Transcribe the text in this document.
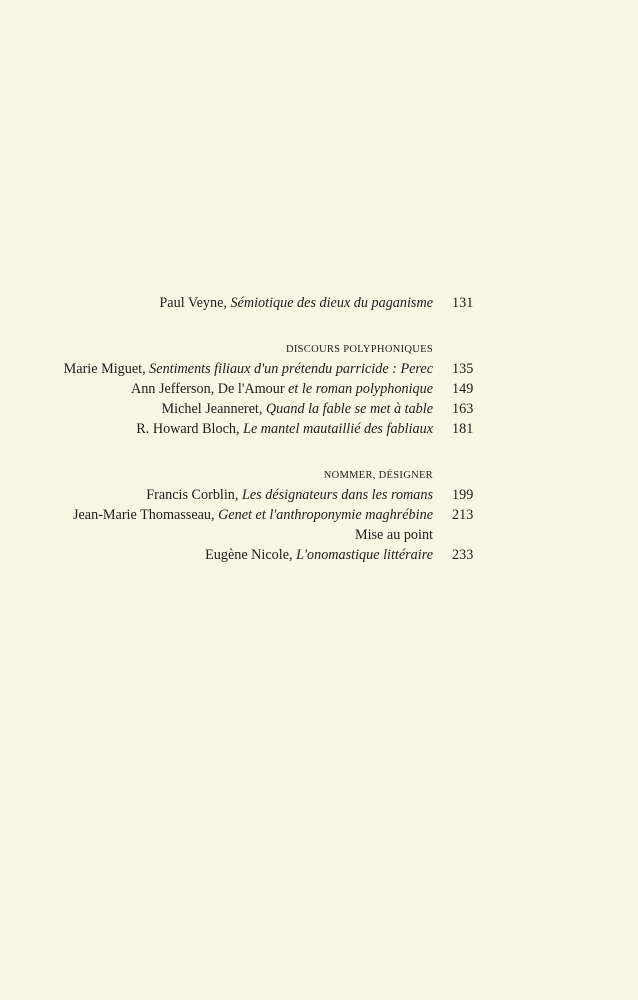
Paul Veyne, Sémiotique des dieux du paganisme 131
DISCOURS POLYPHONIQUES
Marie Miguet, Sentiments filiaux d'un prétendu parricide : Perec 135
Ann Jefferson, De l'Amour et le roman polyphonique 149
Michel Jeanneret, Quand la fable se met à table 163
R. Howard Bloch, Le mantel mautaillié des fabliaux 181
NOMMER, DÉSIGNER
Francis Corblin, Les désignateurs dans les romans 199
Jean-Marie Thomasseau, Genet et l'anthroponymie maghrébine 213
Mise au point
Eugène Nicole, L'onomastique littéraire 233
